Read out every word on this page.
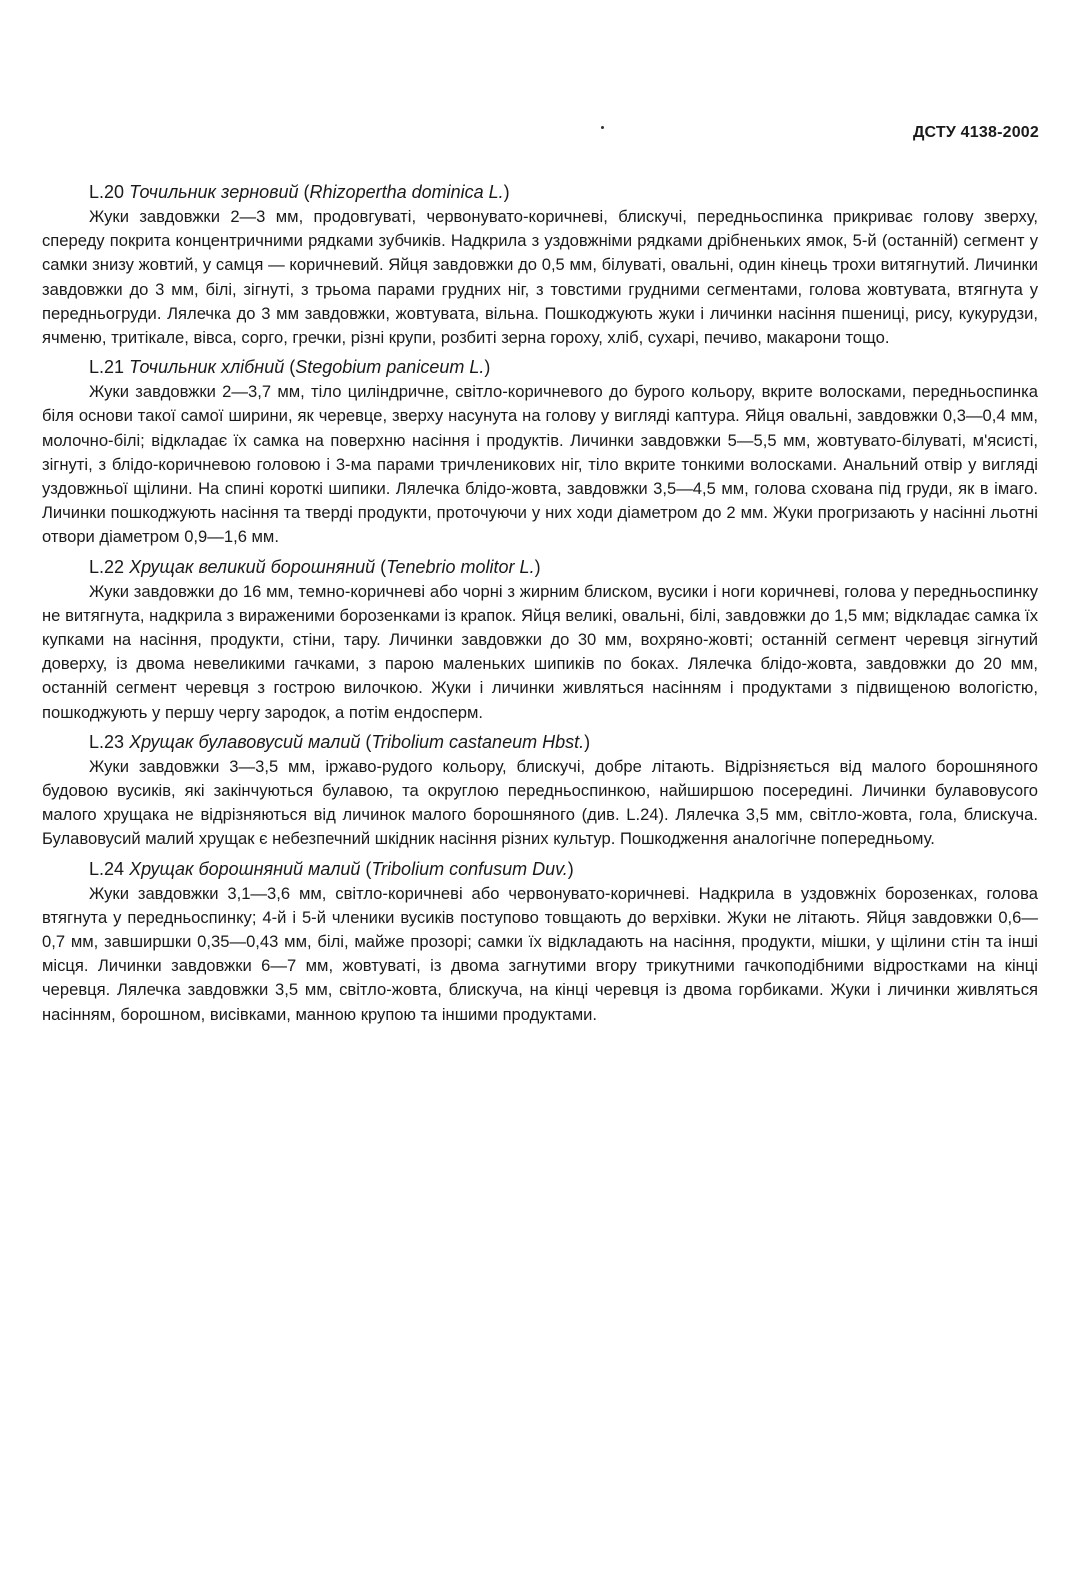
ДСТУ 4138-2002

L.20 Точильник зерновий (Rhizopertha dominica L.)

Жуки завдовжки 2—3 мм, продовгуваті, червонувато-коричневі, блискучі, передньоспинка прикриває голову зверху, спереду покрита концентричними рядками зубчиків. Надкрила з уздовжніми рядками дрібненьких ямок, 5-й (останній) сегмент у самки знизу жовтий, у самця — коричневий. Яйця завдовжки до 0,5 мм, білуваті, овальні, один кінець трохи витягнутий. Личинки завдовжки до 3 мм, білі, зігнуті, з трьома парами грудних ніг, з товстими грудними сегментами, голова жовтувата, втягнута у передньогруди. Лялечка до 3 мм завдовжки, жовтувата, вільна. Пошкоджують жуки і личинки насіння пшениці, рису, кукурудзи, ячменю, тритікале, вівса, сорго, гречки, різні крупи, розбиті зерна гороху, хліб, сухарі, печиво, макарони тощо.

L.21 Точильник хлібний (Stegobium paniceum L.)

Жуки завдовжки 2—3,7 мм, тіло циліндричне, світло-коричневого до бурого кольору, вкрите волосками, передньоспинка біля основи такої самої ширини, як черевце, зверху насунута на голову у вигляді каптура. Яйця овальні, завдовжки 0,3—0,4 мм, молочно-білі; відкладає їх самка на поверхню насіння і продуктів. Личинки завдовжки 5—5,5 мм, жовтувато-білуваті, м'ясисті, зігнуті, з блідо-коричневою головою і 3-ма парами тричленикових ніг, тіло вкрите тонкими волосками. Анальний отвір у вигляді уздовжньої щілини. На спині короткі шипики. Лялечка блідо-жовта, завдовжки 3,5—4,5 мм, голова схована під груди, як в імаго. Личинки пошкоджують насіння та тверді продукти, проточуючи у них ходи діаметром до 2 мм. Жуки прогризають у насінні льотні отвори діаметром 0,9—1,6 мм.

L.22 Хрущак великий борошняний (Tenebrio molitor L.)

Жуки завдовжки до 16 мм, темно-коричневі або чорні з жирним блиском, вусики і ноги коричневі, голова у передньоспинку не витягнута, надкрила з вираженими борозенками із крапок. Яйця великі, овальні, білі, завдовжки до 1,5 мм; відкладає самка їх купками на насіння, продукти, стіни, тару. Личинки завдовжки до 30 мм, вохряно-жовті; останній сегмент черевця зігнутий доверху, із двома невеликими гачками, з парою маленьких шипиків по боках. Лялечка блідо-жовта, завдовжки до 20 мм, останній сегмент черевця з гострою вилочкою. Жуки і личинки живляться насінням і продуктами з підвищеною вологістю, пошкоджують у першу чергу зародок, а потім ендосперм.

L.23 Хрущак булавовусий малий (Tribolium castaneum Hbst.)

Жуки завдовжки 3—3,5 мм, іржаво-рудого кольору, блискучі, добре літають. Відрізняється від малого борошняного будовою вусиків, які закінчуються булавою, та округлою передньоспинкою, найширшою посередині. Личинки булавовусого малого хрущака не відрізняються від личинок малого борошняного (див. L.24). Лялечка 3,5 мм, світло-жовта, гола, блискуча. Булавовусий малий хрущак є небезпечний шкідник насіння різних культур. Пошкодження аналогічне попередньому.

L.24 Хрущак борошняний малий (Tribolium confusum Duv.)

Жуки завдовжки 3,1—3,6 мм, світло-коричневі або червонувато-коричневі. Надкрила в уздовжніх борозенках, голова втягнута у передньоспинку; 4-й і 5-й членики вусиків поступово товщають до верхівки. Жуки не літають. Яйця завдовжки 0,6—0,7 мм, завширшки 0,35—0,43 мм, білі, майже прозорі; самки їх відкладають на насіння, продукти, мішки, у щілини стін та інші місця. Личинки завдовжки 6—7 мм, жовтуваті, із двома загнутими вгору трикутними гачкоподібними відростками на кінці черевця. Лялечка завдовжки 3,5 мм, світло-жовта, блискуча, на кінці черевця із двома горбиками. Жуки і личинки живляться насінням, борошном, висівками, манною крупою та іншими продуктами.
